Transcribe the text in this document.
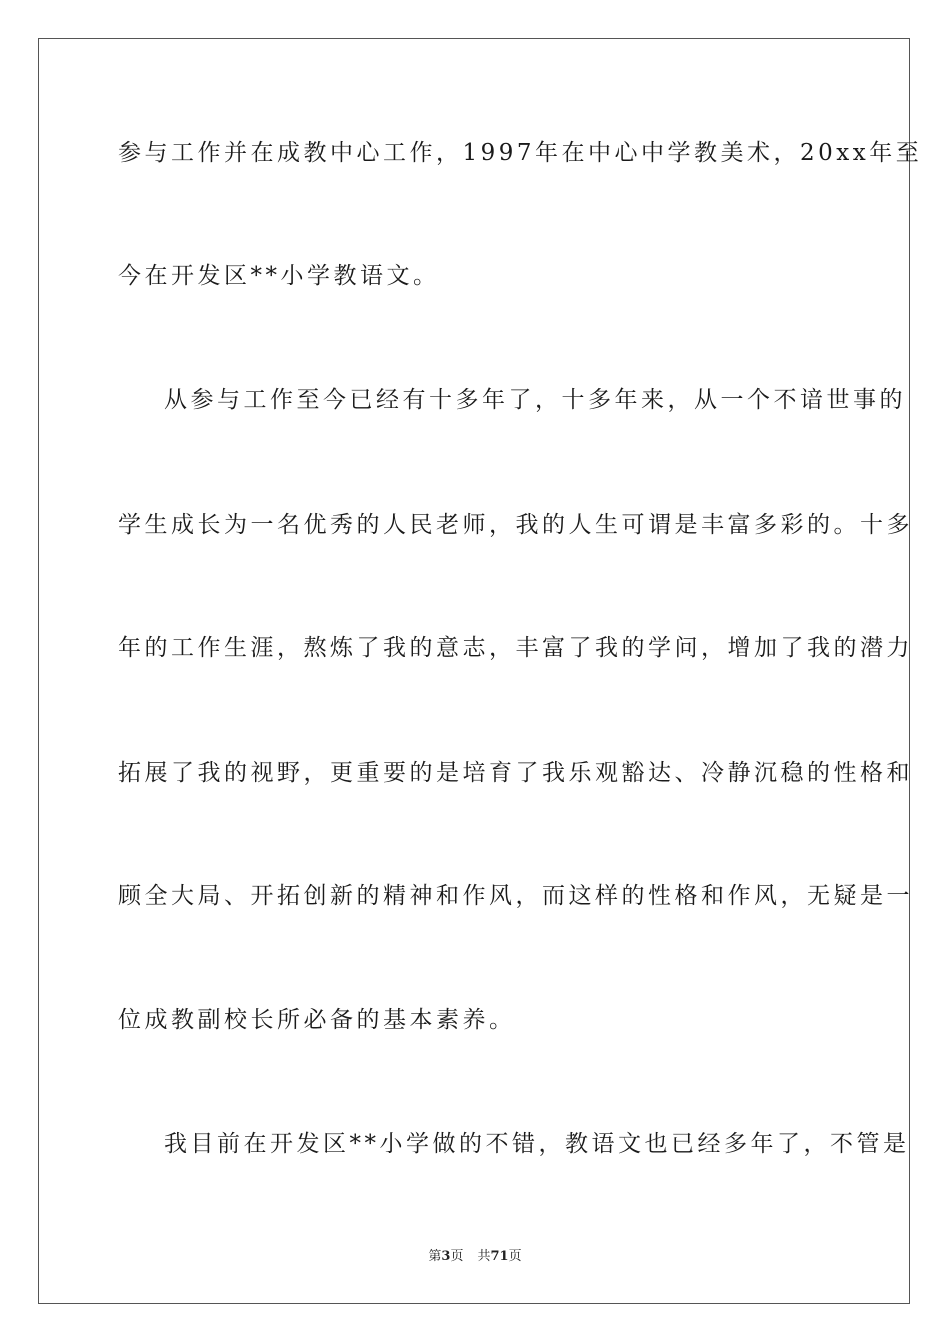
参与工作并在成教中心工作，1997年在中心中学教美术，20xx年至
今在开发区**小学教语文。
从参与工作至今已经有十多年了，十多年来，从一个不谙世事的
学生成长为一名优秀的人民老师，我的人生可谓是丰富多彩的。十多
年的工作生涯，熬炼了我的意志，丰富了我的学问，增加了我的潜力
拓展了我的视野，更重要的是培育了我乐观豁达、冷静沉稳的性格和
顾全大局、开拓创新的精神和作风，而这样的性格和作风，无疑是一
位成教副校长所必备的基本素养。
我目前在开发区**小学做的不错，教语文也已经多年了，不管是
第3页 共71页
